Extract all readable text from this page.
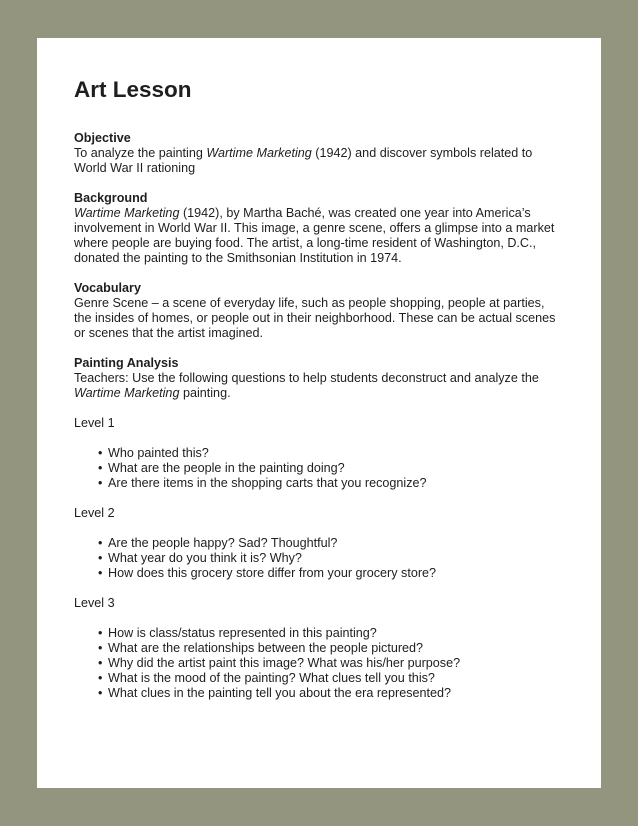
Art Lesson
Objective
To analyze the painting Wartime Marketing (1942) and discover symbols related to
World War II rationing
Background
Wartime Marketing (1942), by Martha Baché, was created one year into America’s
involvement in World War II. This image, a genre scene, offers a glimpse into a market
where people are buying food. The artist, a long-time resident of Washington, D.C.,
donated the painting to the Smithsonian Institution in 1974.
Vocabulary
Genre Scene – a scene of everyday life, such as people shopping, people at parties,
the insides of homes, or people out in their neighborhood. These can be actual scenes
or scenes that the artist imagined.
Painting Analysis
Teachers: Use the following questions to help students deconstruct and analyze the
Wartime Marketing painting.
Level 1
• Who painted this?
• What are the people in the painting doing?
• Are there items in the shopping carts that you recognize?
Level 2
• Are the people happy? Sad? Thoughtful?
• What year do you think it is? Why?
• How does this grocery store differ from your grocery store?
Level 3
• How is class/status represented in this painting?
• What are the relationships between the people pictured?
• Why did the artist paint this image? What was his/her purpose?
• What is the mood of the painting? What clues tell you this?
• What clues in the painting tell you about the era represented?
